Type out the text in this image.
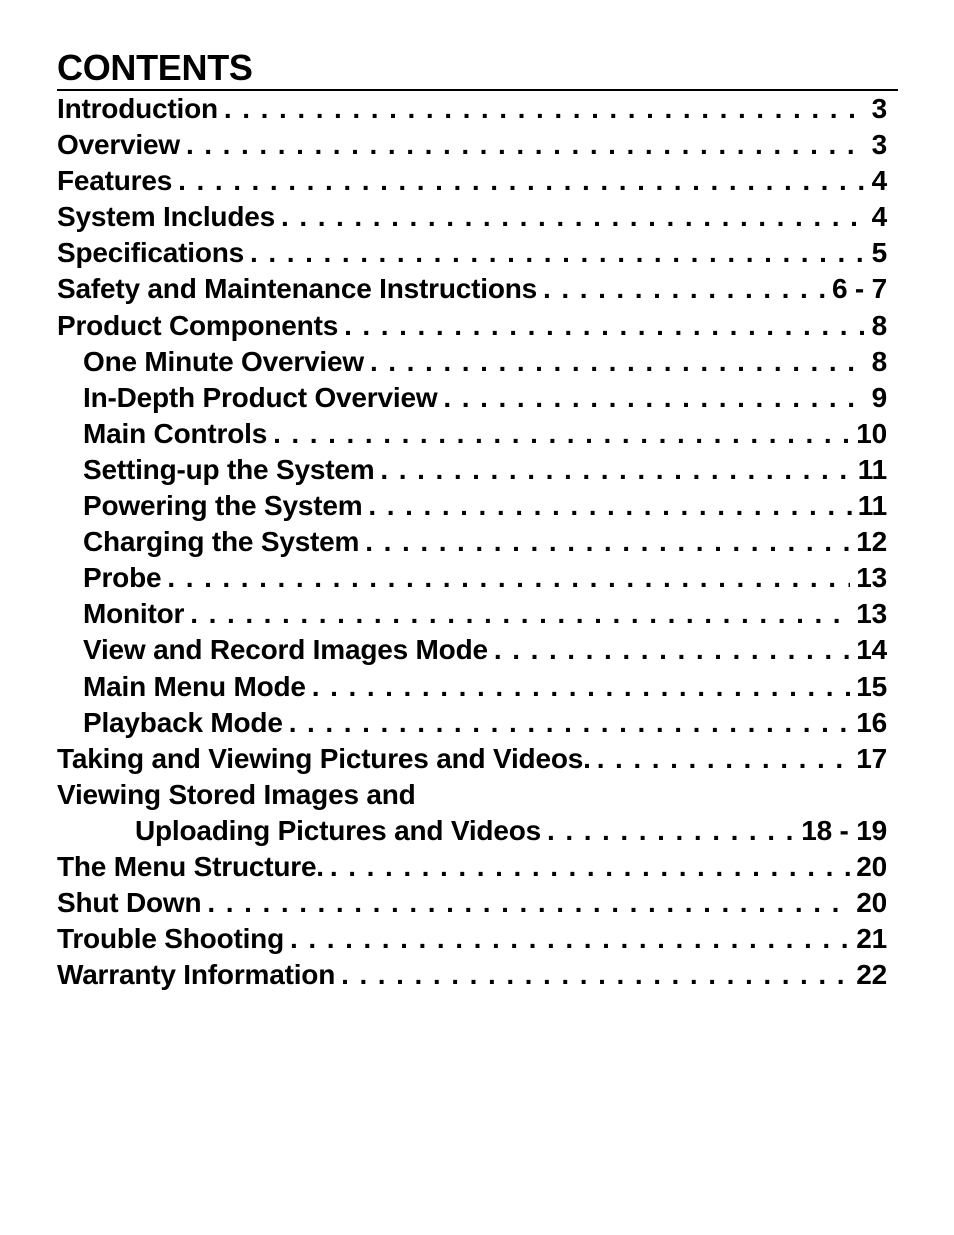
CONTENTS
Introduction . . .	3
Overview . . .	3
Features . . .	4
System Includes . . .	4
Specifications . . .	5
Safety and Maintenance Instructions . . .	6 - 7
Product Components . . .	8
One Minute Overview . . .	8
In-Depth Product Overview . . .	9
Main Controls . . .	10
Setting-up the System . . .	11
Powering the System . . .	11
Charging the System . . .	12
Probe . . .	13
Monitor . . .	13
View and Record Images Mode . . .	14
Main Menu Mode . . .	15
Playback Mode . . .	16
Taking and Viewing Pictures and Videos. . . .	17
Viewing Stored Images and
Uploading Pictures and Videos . . .	18 - 19
The Menu Structure. . . .	20
Shut Down . . .	20
Trouble Shooting . . .	21
Warranty Information . . .	22
